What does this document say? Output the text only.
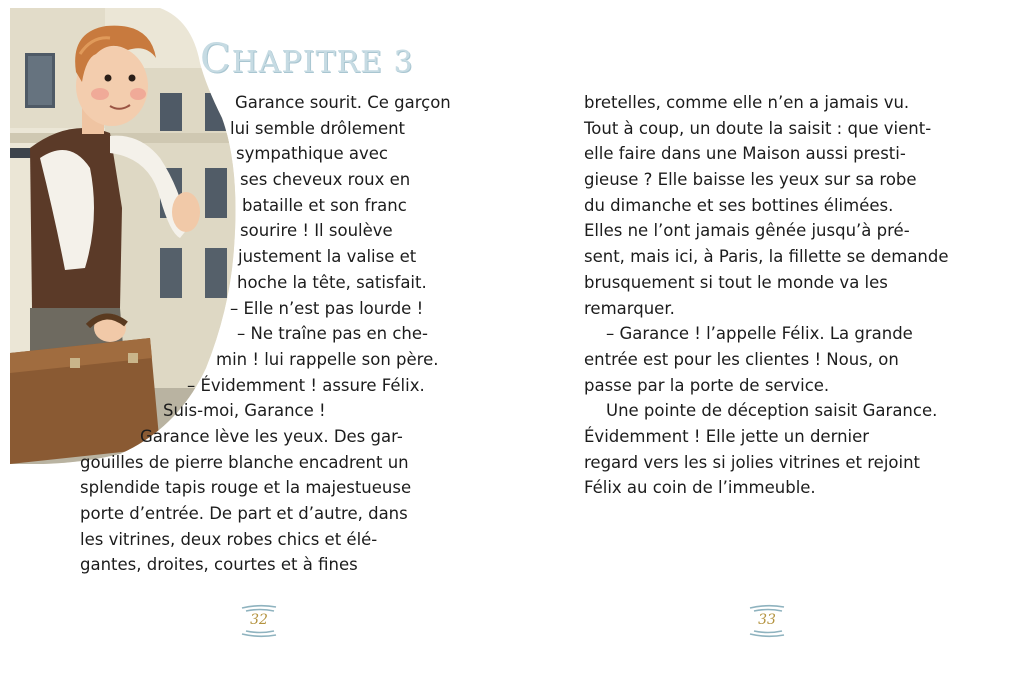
CHAPITRE 3
Garance sourit. Ce garçon
lui semble drôlement
sympathique avec
ses cheveux roux en
bataille et son franc
sourire ! Il soulève
justement la valise et
hoche la tête, satisfait.
– Elle n’est pas lourde !
– Ne traîne pas en che-
min ! lui rappelle son père.
– Évidemment ! assure Félix.
Suis-moi, Garance !
Garance lève les yeux. Des gar-
gouilles de pierre blanche encadrent un
splendide tapis rouge et la majestueuse
porte d’entrée. De part et d’autre, dans
les vitrines, deux robes chics et élé-
gantes, droites, courtes et à fines
32
bretelles, comme elle n’en a jamais vu.
Tout à coup, un doute la saisit : que vient-
elle faire dans une Maison aussi presti-
gieuse ? Elle baisse les yeux sur sa robe
du dimanche et ses bottines élimées.
Elles ne l’ont jamais gênée jusqu’à pré-
sent, mais ici, à Paris, la fillette se demande
brusquement si tout le monde va les
remarquer.
– Garance ! l’appelle Félix. La grande
entrée est pour les clientes ! Nous, on
passe par la porte de service.
Une pointe de déception saisit Garance.
Évidemment ! Elle jette un dernier
regard vers les si jolies vitrines et rejoint
Félix au coin de l’immeuble.
33
